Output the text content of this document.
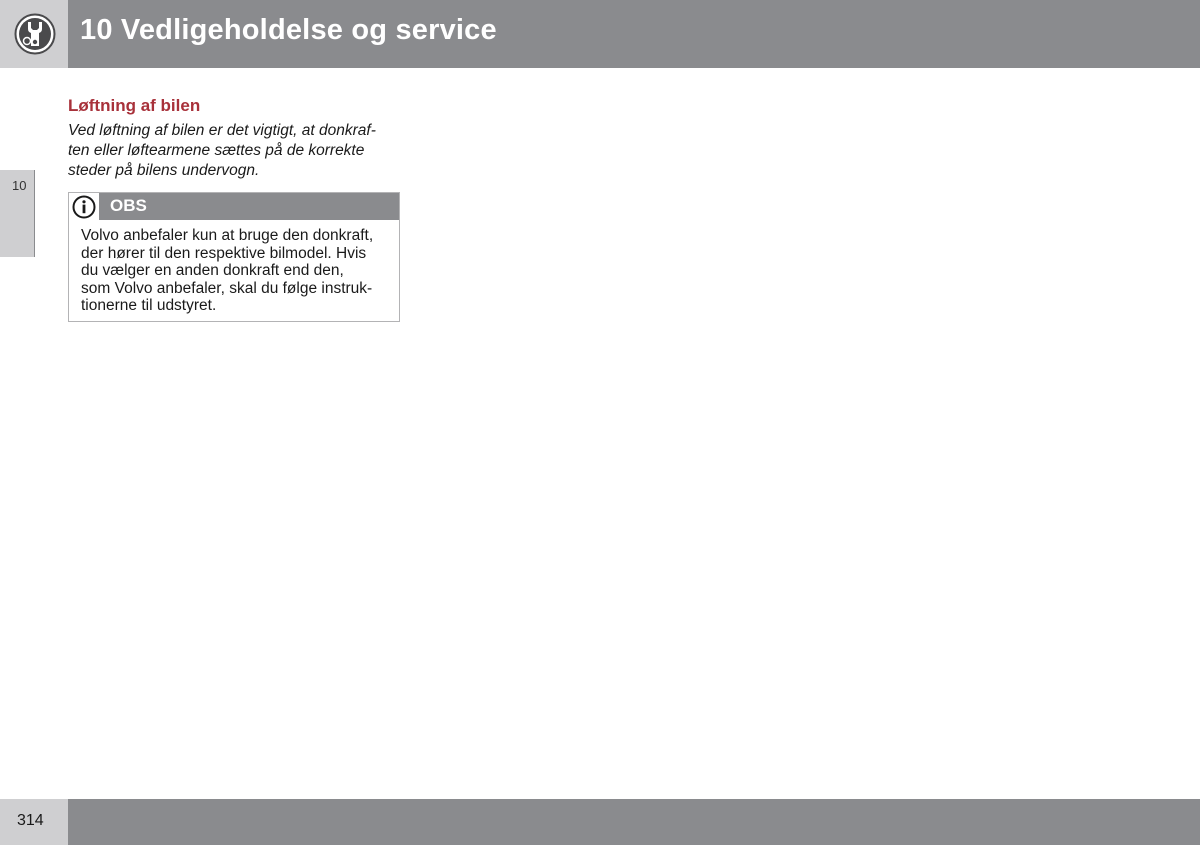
10 Vedligeholdelse og service
10
Løftning af bilen
Ved løftning af bilen er det vigtigt, at donkraf-
ten eller løftearmene sættes på de korrekte
steder på bilens undervogn.
OBS
Volvo anbefaler kun at bruge den donkraft,
der hører til den respektive bilmodel. Hvis
du vælger en anden donkraft end den,
som Volvo anbefaler, skal du følge instruk-
tionerne til udstyret.
314
